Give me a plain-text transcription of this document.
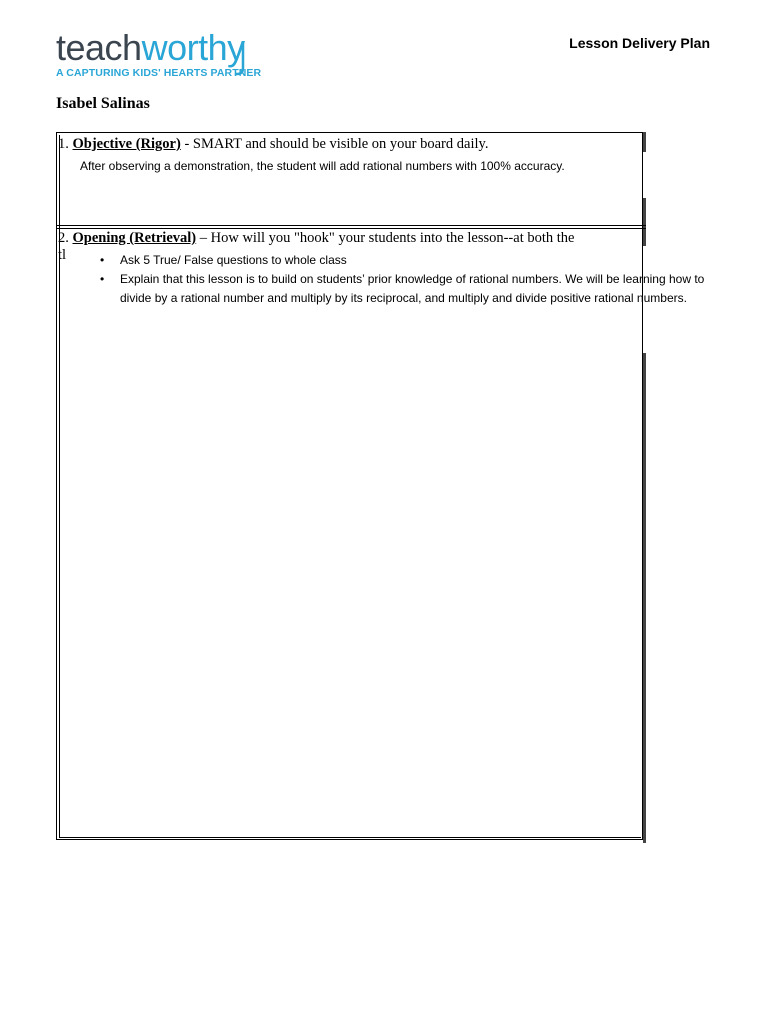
teachworthy
A CAPTURING KIDS' HEARTS PARTNER
Lesson Delivery Plan
Isabel Salinas
1. Objective (Rigor) - SMART and should be visible on your board daily.
After observing a demonstration, the student will add rational numbers with 100% accuracy.
2. Opening (Retrieval) – How will you "hook" your students into the lesson--at both the
tl
•	Ask 5 True/ False questions to whole class
• Explain that this lesson is to build on students’ prior knowledge of rational numbers. We will be learning how to divide by a rational number and multiply by its reciprocal, and multiply and divide positive rational numbers.
